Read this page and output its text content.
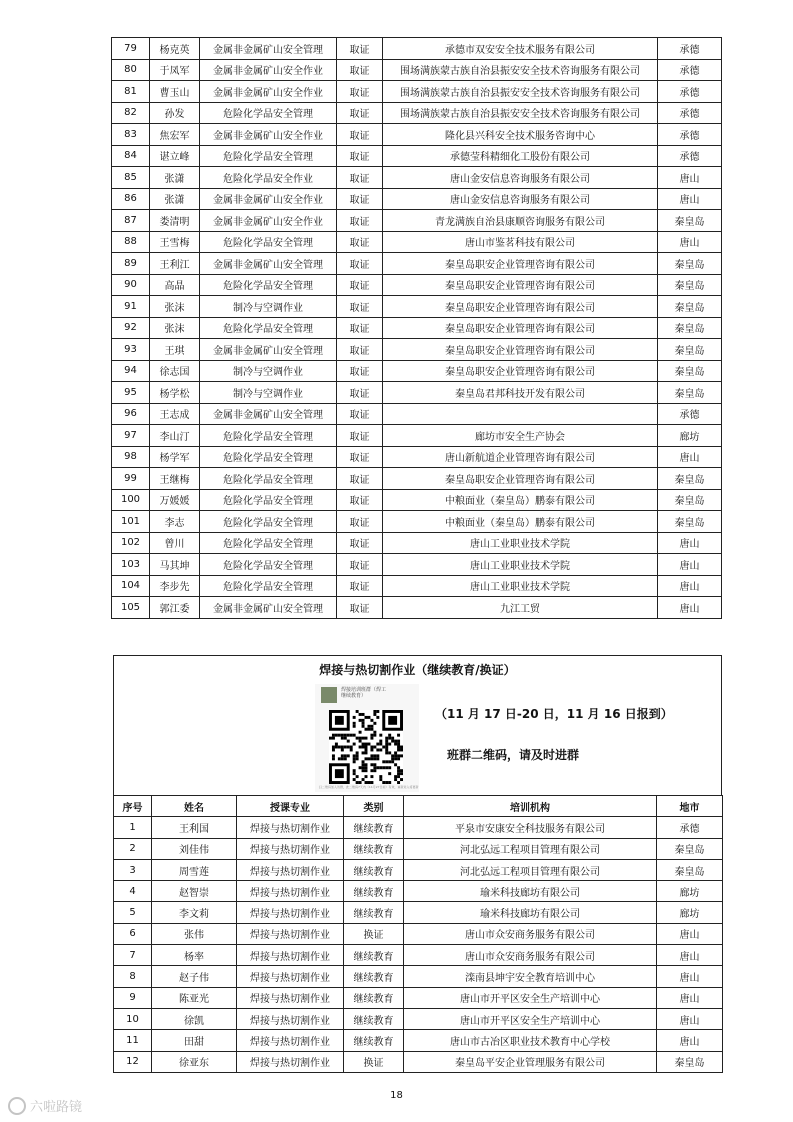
79	杨克英	金属非金属矿山安全管理	取证	承德市双安安全技术服务有限公司	承德
80	于凤军	金属非金属矿山安全作业	取证	围场满族蒙古族自治县振安安全技术咨询服务有限公司	承德
81	曹玉山	金属非金属矿山安全作业	取证	围场满族蒙古族自治县振安安全技术咨询服务有限公司	承德
82	孙发	危险化学品安全管理	取证	围场满族蒙古族自治县振安安全技术咨询服务有限公司	承德
83	焦宏军	金属非金属矿山安全作业	取证	隆化县兴科安全技术服务咨询中心	承德
84	谌立峰	危险化学品安全管理	取证	承德莹科精细化工股份有限公司	承德
85	张潇	危险化学品安全作业	取证	唐山金安信息咨询服务有限公司	唐山
86	张潇	金属非金属矿山安全作业	取证	唐山金安信息咨询服务有限公司	唐山
87	娄清明	金属非金属矿山安全作业	取证	青龙满族自治县康顺咨询服务有限公司	秦皇岛
88	王雪梅	危险化学品安全管理	取证	唐山市鉴茗科技有限公司	唐山
89	王利江	金属非金属矿山安全管理	取证	秦皇岛职安企业管理咨询有限公司	秦皇岛
90	高晶	危险化学品安全管理	取证	秦皇岛职安企业管理咨询有限公司	秦皇岛
91	张沫	制冷与空调作业	取证	秦皇岛职安企业管理咨询有限公司	秦皇岛
92	张沫	危险化学品安全管理	取证	秦皇岛职安企业管理咨询有限公司	秦皇岛
93	王琪	金属非金属矿山安全管理	取证	秦皇岛职安企业管理咨询有限公司	秦皇岛
94	徐志国	制冷与空调作业	取证	秦皇岛职安企业管理咨询有限公司	秦皇岛
95	杨学松	制冷与空调作业	取证	秦皇岛君邦科技开发有限公司	秦皇岛
96	王志成	金属非金属矿山安全管理	取证		承德
97	李山汀	危险化学品安全管理	取证	廊坊市安全生产协会	廊坊
98	杨学军	危险化学品安全管理	取证	唐山新航道企业管理咨询有限公司	唐山
99	王继梅	危险化学品安全管理	取证	秦皇岛职安企业管理咨询有限公司	秦皇岛
100	万媛媛	危险化学品安全管理	取证	中粮面业（秦皇岛）鹏泰有限公司	秦皇岛
101	李志	危险化学品安全管理	取证	中粮面业（秦皇岛）鹏泰有限公司	秦皇岛
102	曾川	危险化学品安全管理	取证	唐山工业职业技术学院	唐山
103	马其坤	危险化学品安全管理	取证	唐山工业职业技术学院	唐山
104	李步先	危险化学品安全管理	取证	唐山工业职业技术学院	唐山
105	郭江委	金属非金属矿山安全管理	取证	九江工贸	唐山
焊接与热切割作业（继续教育/换证）
焊接培训班群（焊工
继续教育）
扫二维码加入该群，此二维码7天内（11月27日前）有效，重新进入将更新
（11 月 17 日-20 日，11 月 16 日报到）
班群二维码，请及时进群
序号	姓名	授课专业	类别	培训机构	地市
1	王利国	焊接与热切割作业	继续教育	平泉市安康安全科技服务有限公司	承德
2	刘佳伟	焊接与热切割作业	继续教育	河北弘远工程项目管理有限公司	秦皇岛
3	周雪莲	焊接与热切割作业	继续教育	河北弘远工程项目管理有限公司	秦皇岛
4	赵智崇	焊接与热切割作业	继续教育	瑜米科技廊坊有限公司	廊坊
5	李文莉	焊接与热切割作业	继续教育	瑜米科技廊坊有限公司	廊坊
6	张伟	焊接与热切割作业	换证	唐山市众安商务服务有限公司	唐山
7	杨率	焊接与热切割作业	继续教育	唐山市众安商务服务有限公司	唐山
8	赵子伟	焊接与热切割作业	继续教育	滦南县坤宇安全教育培训中心	唐山
9	陈亚光	焊接与热切割作业	继续教育	唐山市开平区安全生产培训中心	唐山
10	徐凯	焊接与热切割作业	继续教育	唐山市开平区安全生产培训中心	唐山
11	田甜	焊接与热切割作业	继续教育	唐山市古冶区职业技术教育中心学校	唐山
12	徐亚东	焊接与热切割作业	换证	秦皇岛平安企业管理服务有限公司	秦皇岛
18
六啦路镜
